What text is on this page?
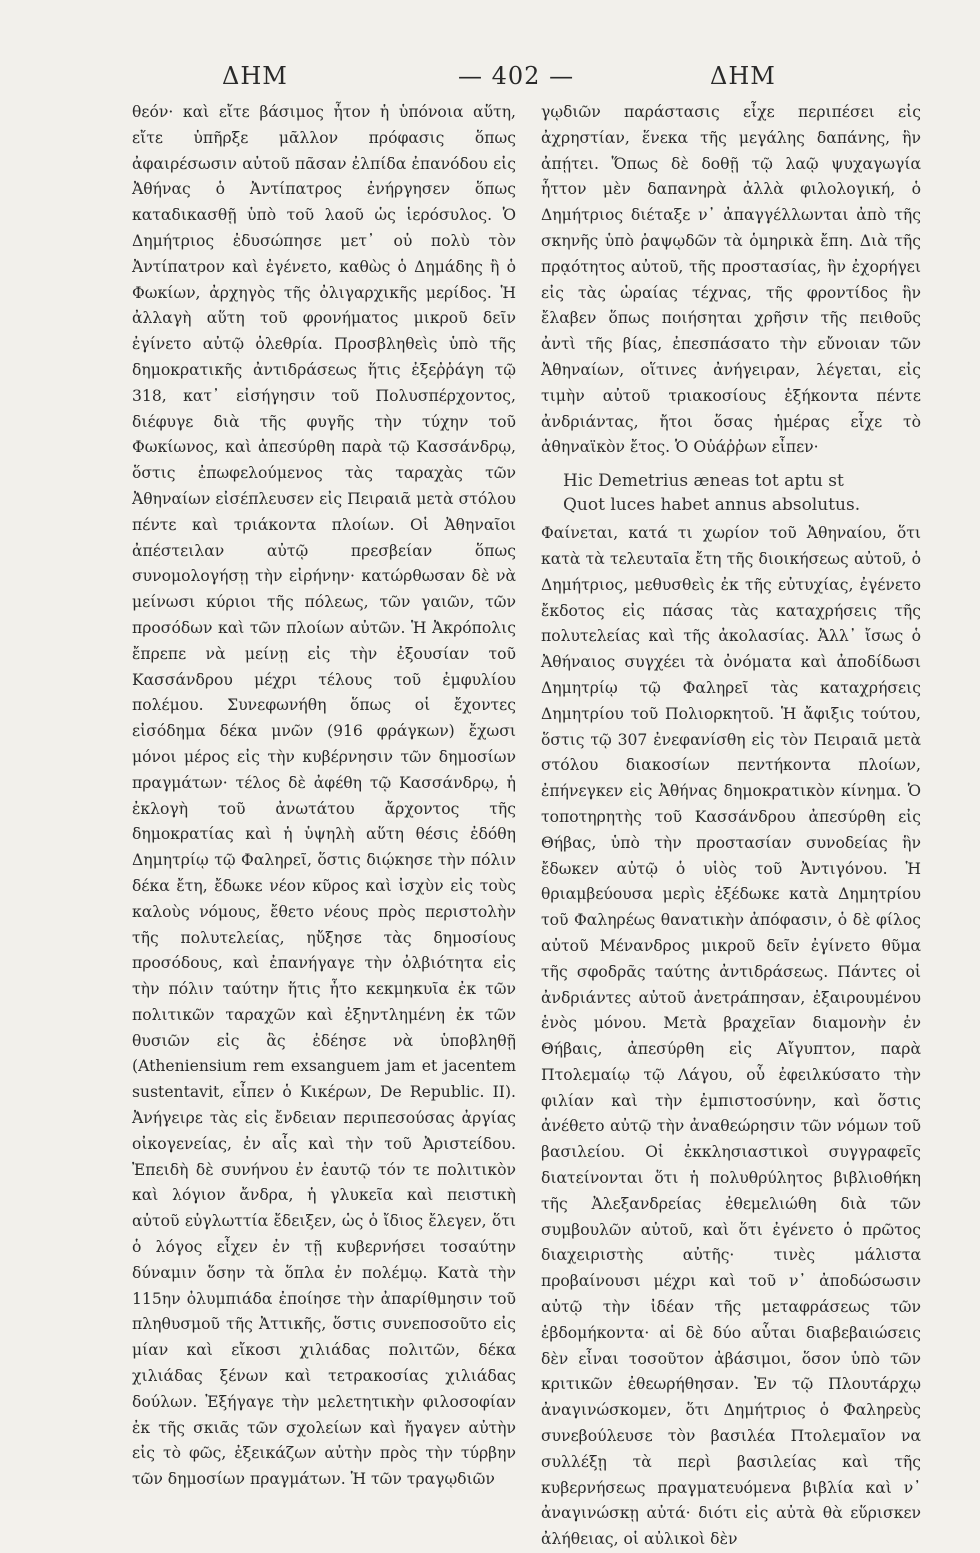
ΔΗΜ	— 402 —	ΔΗΜ

θεόν· καὶ εἴτε βάσιμος ἦτον ἡ ὑπόνοια αὕτη, εἴτε ὑπῆρξε μᾶλλον πρόφασις ὅπως ἀφαιρέσωσιν αὐτοῦ πᾶσαν ἐλπίδα ἐπανόδου εἰς Ἀθήνας ὁ Ἀντίπατρος ἐνήργησεν ὅπως καταδικασθῇ ὑπὸ τοῦ λαοῦ ὡς ἱερόσυλος. Ὁ Δημήτριος ἐδυσώπησε μετ᾽ οὐ πολὺ τὸν Ἀντίπατρον καὶ ἐγένετο, καθὼς ὁ Δημάδης ἢ ὁ Φωκίων, ἀρχηγὸς τῆς ὀλιγαρχικῆς μερίδος. Ἡ ἀλλαγὴ αὕτη τοῦ φρονήματος μικροῦ δεῖν ἐγίνετο αὐτῷ ὀλεθρία. Προσβληθεὶς ὑπὸ τῆς δημοκρατικῆς ἀντιδράσεως ἥτις ἐξεῤῥάγη τῷ 318, κατ᾽ εἰσήγησιν τοῦ Πολυσπέρχοντος, διέφυγε διὰ τῆς φυγῆς τὴν τύχην τοῦ Φωκίωνος, καὶ ἀπεσύρθη παρὰ τῷ Κασσάνδρῳ, ὅστις ἐπωφελούμενος τὰς ταραχὰς τῶν Ἀθηναίων εἰσέπλευσεν εἰς Πειραιᾶ μετὰ στόλου πέντε καὶ τριάκοντα πλοίων. Οἱ Ἀθηναῖοι ἀπέστειλαν αὐτῷ πρεσβείαν ὅπως συνομολογήσῃ τὴν εἰρήνην· κατώρθωσαν δὲ νὰ μείνωσι κύριοι τῆς πόλεως, τῶν γαιῶν, τῶν προσόδων καὶ τῶν πλοίων αὐτῶν. Ἡ Ἀκρόπολις ἔπρεπε νὰ μείνῃ εἰς τὴν ἐξουσίαν τοῦ Κασσάνδρου μέχρι τέλους τοῦ ἐμφυλίου πολέμου. Συνεφωνήθη ὅπως οἱ ἔχοντες εἰσόδημα δέκα μνῶν (916 φράγκων) ἔχωσι μόνοι μέρος εἰς τὴν κυβέρνησιν τῶν δημοσίων πραγμάτων· τέλος δὲ ἀφέθη τῷ Κασσάνδρῳ, ἡ ἐκλογὴ τοῦ ἀνωτάτου ἄρχοντος τῆς δημοκρατίας καὶ ἡ ὑψηλὴ αὕτη θέσις ἐδόθη Δημητρίῳ τῷ Φαληρεῖ, ὅστις διῴκησε τὴν πόλιν δέκα ἔτη, ἔδωκε νέον κῦρος καὶ ἰσχὺν εἰς τοὺς καλοὺς νόμους, ἔθετο νέους πρὸς περιστολὴν τῆς πολυτελείας, ηὔξησε τὰς δημοσίους προσόδους, καὶ ἐπανήγαγε τὴν ὀλβιότητα εἰς τὴν πόλιν ταύτην ἥτις ἦτο κεκμηκυῖα ἐκ τῶν πολιτικῶν ταραχῶν καὶ ἐξηντλημένη ἐκ τῶν θυσιῶν εἰς ἃς ἐδέησε νὰ ὑποβληθῇ (Atheniensium rem exsanguem jam et jacentem sustentavit, εἶπεν ὁ Κικέρων, De Republic. II). Ἀνήγειρε τὰς εἰς ἔνδειαν περιπεσούσας ἀργίας οἰκογενείας, ἐν αἷς καὶ τὴν τοῦ Ἀριστείδου. Ἐπειδὴ δὲ συνήνου ἐν ἑαυτῷ τόν τε πολιτικὸν καὶ λόγιον ἄνδρα, ἡ γλυκεῖα καὶ πειστικὴ αὐτοῦ εὐγλωττία ἔδειξεν, ὡς ὁ ἴδιος ἔλεγεν, ὅτι ὁ λόγος εἶχεν ἐν τῇ κυβερνήσει τοσαύτην δύναμιν ὅσην τὰ ὅπλα ἐν πολέμῳ. Κατὰ τὴν 115ην ὀλυμπιάδα ἐποίησε τὴν ἀπαρίθμησιν τοῦ πληθυσμοῦ τῆς Ἀττικῆς, ὅστις συνεποσοῦτο εἰς μίαν καὶ εἴκοσι χιλιάδας πολιτῶν, δέκα χιλιάδας ξένων καὶ τετρακοσίας χιλιάδας δούλων. Ἐξήγαγε τὴν μελετητικὴν φιλοσοφίαν ἐκ τῆς σκιᾶς τῶν σχολείων καὶ ἤγαγεν αὐτὴν εἰς τὸ φῶς, ἐξεικάζων αὐτὴν πρὸς τὴν τύρβην τῶν δημοσίων πραγμάτων. Ἡ τῶν τραγῳδιῶν

γῳδιῶν παράστασις εἶχε περιπέσει εἰς ἀχρηστίαν, ἕνεκα τῆς μεγάλης δαπάνης, ἣν ἀπῄτει. Ὅπως δὲ δοθῇ τῷ λαῷ ψυχαγωγία ἧττον μὲν δαπανηρὰ ἀλλὰ φιλολογική, ὁ Δημήτριος διέταξε ν᾽ ἀπαγγέλλωνται ἀπὸ τῆς σκηνῆς ὑπὸ ῥαψῳδῶν τὰ ὁμηρικὰ ἔπη. Διὰ τῆς πρᾳότητος αὐτοῦ, τῆς προστασίας, ἣν ἐχορήγει εἰς τὰς ὡραίας τέχνας, τῆς φροντίδος ἣν ἔλαβεν ὅπως ποιήσηται χρῆσιν τῆς πειθοῦς ἀντὶ τῆς βίας, ἐπεσπάσατο τὴν εὔνοιαν τῶν Ἀθηναίων, οἵτινες ἀνήγειραν, λέγεται, εἰς τιμὴν αὐτοῦ τριακοσίους ἑξήκοντα πέντε ἀνδριάντας, ἤτοι ὅσας ἡμέρας εἶχε τὸ ἀθηναϊκὸν ἔτος. Ὁ Οὐάῤῥων εἶπεν·

Hic Demetrius æneas tot aptu st
Quot luces habet annus absolutus.

Φαίνεται, κατά τι χωρίον τοῦ Ἀθηναίου, ὅτι κατὰ τὰ τελευταῖα ἔτη τῆς διοικήσεως αὐτοῦ, ὁ Δημήτριος, μεθυσθεὶς ἐκ τῆς εὐτυχίας, ἐγένετο ἔκδοτος εἰς πάσας τὰς καταχρήσεις τῆς πολυτελείας καὶ τῆς ἀκολασίας. Ἀλλ᾽ ἴσως ὁ Ἀθήναιος συγχέει τὰ ὀνόματα καὶ ἀποδίδωσι Δημητρίῳ τῷ Φαληρεῖ τὰς καταχρήσεις Δημητρίου τοῦ Πολιορκητοῦ. Ἡ ἄφιξις τούτου, ὅστις τῷ 307 ἐνεφανίσθη εἰς τὸν Πειραιᾶ μετὰ στόλου διακοσίων πεντήκοντα πλοίων, ἐπήνεγκεν εἰς Ἀθήνας δημοκρατικὸν κίνημα. Ὁ τοποτηρητὴς τοῦ Κασσάνδρου ἀπεσύρθη εἰς Θήβας, ὑπὸ τὴν προστασίαν συνοδείας ἣν ἔδωκεν αὐτῷ ὁ υἱὸς τοῦ Ἀντιγόνου. Ἡ θριαμβεύουσα μερὶς ἐξέδωκε κατὰ Δημητρίου τοῦ Φαληρέως θανατικὴν ἀπόφασιν, ὁ δὲ φίλος αὐτοῦ Μένανδρος μικροῦ δεῖν ἐγίνετο θῦμα τῆς σφοδρᾶς ταύτης ἀντιδράσεως. Πάντες οἱ ἀνδριάντες αὐτοῦ ἀνετράπησαν, ἐξαιρουμένου ἑνὸς μόνου. Μετὰ βραχεῖαν διαμονὴν ἐν Θήβαις, ἀπεσύρθη εἰς Αἴγυπτον, παρὰ Πτολεμαίῳ τῷ Λάγου, οὗ ἐφειλκύσατο τὴν φιλίαν καὶ τὴν ἐμπιστοσύνην, καὶ ὅστις ἀνέθετο αὐτῷ τὴν ἀναθεώρησιν τῶν νόμων τοῦ βασιλείου. Οἱ ἐκκλησιαστικοὶ συγγραφεῖς διατείνονται ὅτι ἡ πολυθρύλητος βιβλιοθήκη τῆς Ἀλεξανδρείας ἐθεμελιώθη διὰ τῶν συμβουλῶν αὐτοῦ, καὶ ὅτι ἐγένετο ὁ πρῶτος διαχειριστὴς αὐτῆς· τινὲς μάλιστα προβαίνουσι μέχρι καὶ τοῦ ν᾽ ἀποδώσωσιν αὐτῷ τὴν ἰδέαν τῆς μεταφράσεως τῶν ἑβδομήκοντα· αἱ δὲ δύο αὗται διαβεβαιώσεις δὲν εἶναι τοσοῦτον ἀβάσιμοι, ὅσον ὑπὸ τῶν κριτικῶν ἐθεωρήθησαν. Ἐν τῷ Πλουτάρχῳ ἀναγινώσκομεν, ὅτι Δημήτριος ὁ Φαληρεὺς συνεβούλευσε τὸν βασιλέα Πτολεμαῖον να συλλέξῃ τὰ περὶ βασιλείας καὶ τῆς κυβερνήσεως πραγματευόμενα βιβλία καὶ ν᾽ ἀναγινώσκῃ αὐτά· διότι εἰς αὐτὰ θὰ εὕρισκεν ἀλήθειας, οἱ αὐλικοὶ δὲν
